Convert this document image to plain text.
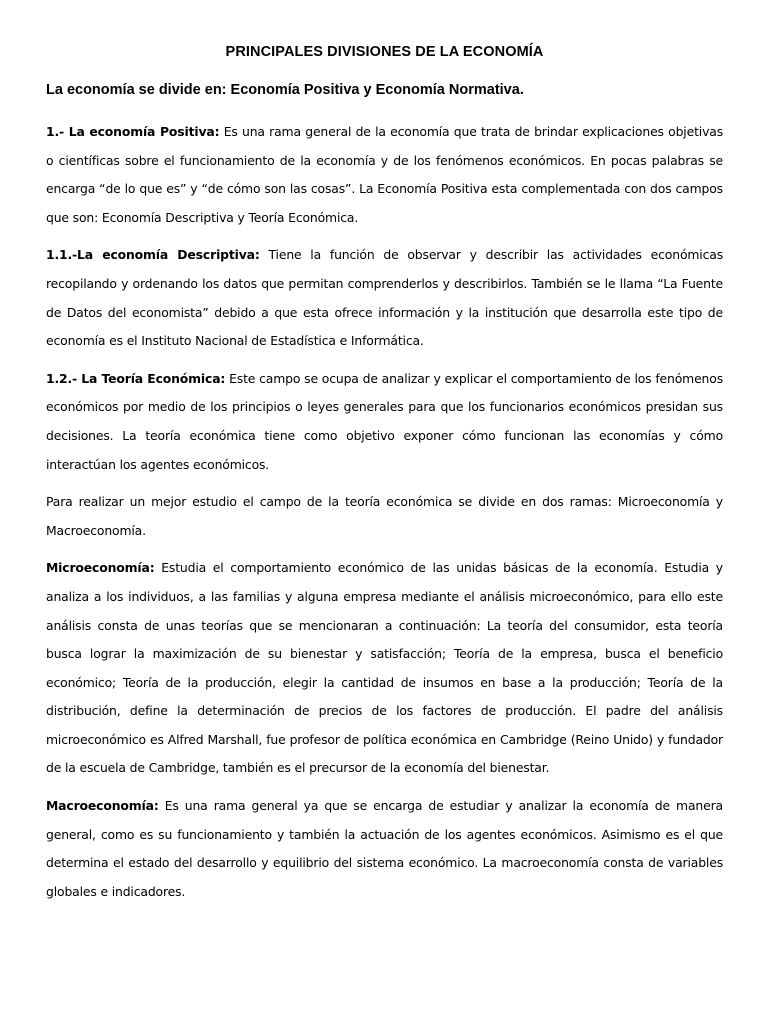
PRINCIPALES DIVISIONES DE LA ECONOMÍA

La economía se divide en: Economía Positiva y Economía Normativa.

1.- La economía Positiva: Es una rama general de la economía que trata de brindar explicaciones objetivas o científicas sobre el funcionamiento de la economía y de los fenómenos económicos. En pocas palabras se encarga “de lo que es” y “de cómo son las cosas”. La Economía Positiva esta complementada con dos campos que son: Economía Descriptiva y Teoría Económica.

1.1.-La economía Descriptiva: Tiene la función de observar y describir las actividades económicas recopilando y ordenando los datos que permitan comprenderlos y describirlos. También se le llama “La Fuente de Datos del economista” debido a que esta ofrece información y la institución que desarrolla este tipo de economía es el Instituto Nacional de Estadística e Informática.

1.2.- La Teoría Económica: Este campo se ocupa de analizar y explicar el comportamiento de los fenómenos económicos por medio de los principios o leyes generales para que los funcionarios económicos presidan sus decisiones. La teoría económica tiene como objetivo exponer cómo funcionan las economías y cómo interactúan los agentes económicos.

Para realizar un mejor estudio el campo de la teoría económica se divide en dos ramas: Microeconomía y Macroeconomía.

Microeconomía: Estudia el comportamiento económico de las unidas básicas de la economía. Estudia y analiza a los individuos, a las familias y alguna empresa mediante el análisis microeconómico, para ello este análisis consta de unas teorías que se mencionaran a continuación: La teoría del consumidor, esta teoría busca lograr la maximización de su bienestar y satisfacción; Teoría de la empresa, busca el beneficio económico; Teoría de la producción, elegir la cantidad de insumos en base a la producción; Teoría de la distribución, define la determinación de precios de los factores de producción. El padre del análisis microeconómico es Alfred Marshall, fue profesor de política económica en Cambridge (Reino Unido) y fundador de la escuela de Cambridge, también es el precursor de la economía del bienestar.

Macroeconomía: Es una rama general ya que se encarga de estudiar y analizar la economía de manera general, como es su funcionamiento y también la actuación de los agentes económicos. Asimismo es el que determina el estado del desarrollo y equilibrio del sistema económico. La macroeconomía consta de variables globales e indicadores.
